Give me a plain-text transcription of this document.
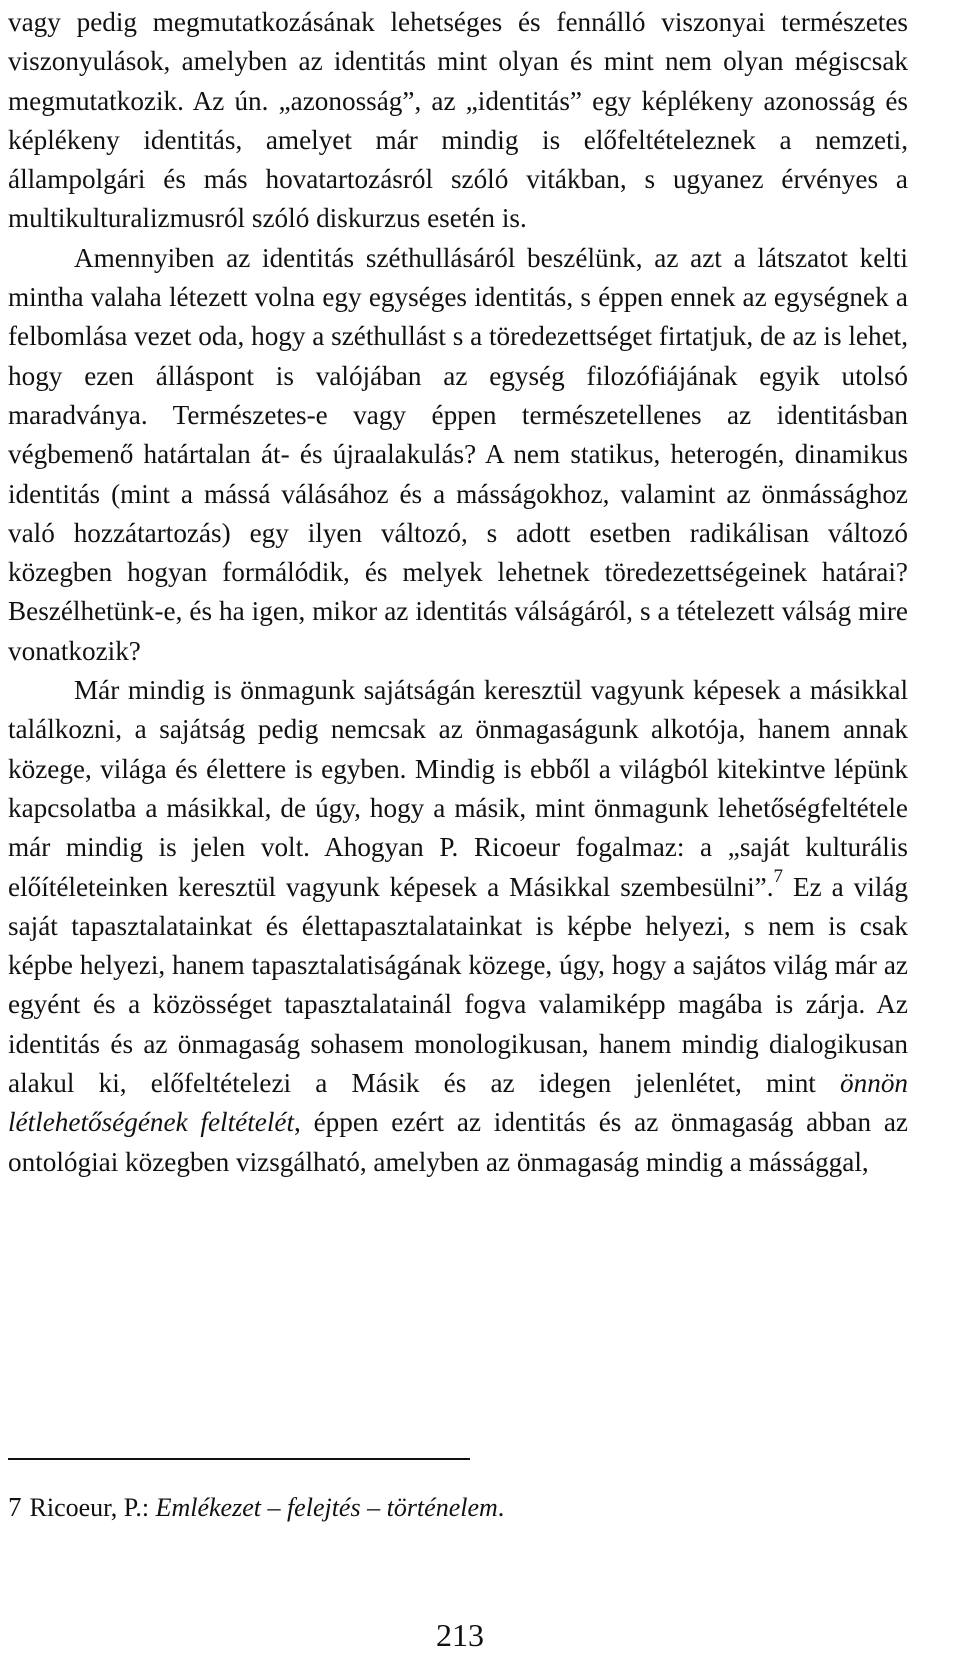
vagy pedig megmutatkozásának lehetséges és fennálló viszonyai természetes viszonyulások, amelyben az identitás mint olyan és mint nem olyan mégiscsak megmutatkozik. Az ún. „azonosság”, az „identitás” egy képlékeny azonosság és képlékeny identitás, amelyet már mindig is előfeltételeznek a nemzeti, állampolgári és más hovatartozásról szóló vitákban, s ugyanez érvényes a multikulturalizmusról szóló diskurzus esetén is.

Amennyiben az identitás széthullásáról beszélünk, az azt a látszatot kelti mintha valaha létezett volna egy egységes identitás, s éppen ennek az egységnek a felbomlása vezet oda, hogy a széthullást s a töredezettséget firtatjuk, de az is lehet, hogy ezen álláspont is valójában az egység filozófiájának egyik utolsó maradványa. Természetes-e vagy éppen természetellenes az identitásban végbemenő határtalan át- és újraalakulás? A nem statikus, heterogén, dinamikus identitás (mint a mássá válásához és a másságokhoz, valamint az önmássághoz való hozzátartozás) egy ilyen változó, s adott esetben radikálisan változó közegben hogyan formálódik, és melyek lehetnek töredezettségeinek határai? Beszélhetünk-e, és ha igen, mikor az identitás válságáról, s a tételezett válság mire vonatkozik?

Már mindig is önmagunk sajátságán keresztül vagyunk képesek a másikkal találkozni, a sajátság pedig nemcsak az önmagaságunk alkotója, hanem annak közege, világa és élettere is egyben. Mindig is ebből a világból kitekintve lépünk kapcsolatba a másikkal, de úgy, hogy a másik, mint önmagunk lehetőségfeltétele már mindig is jelen volt. Ahogyan P. Ricoeur fogalmaz: a „saját kulturális előítéleteinken keresztül vagyunk képesek a Másikkal szembesülni”.$^7$ Ez a világ saját tapasztalatainkat és élettapasztalatainkat is képbe helyezi, s nem is csak képbe helyezi, hanem tapasztalatiságának közege, úgy, hogy a sajátos világ már az egyént és a közösséget tapasztalatainál fogva valamiképp magába is zárja. Az identitás és az önmagaság sohasem monologikusan, hanem mindig dialogikusan alakul ki, előfeltételezi a Másik és az idegen jelenlétet, mint önnön létlehetőségének feltételét, éppen ezért az identitás és az önmagaság abban az ontológiai közegben vizsgálható, amelyben az önmagaság mindig a mássággal,

7 Ricoeur, P.: Emlékezet – felejtés – történelem.
213
